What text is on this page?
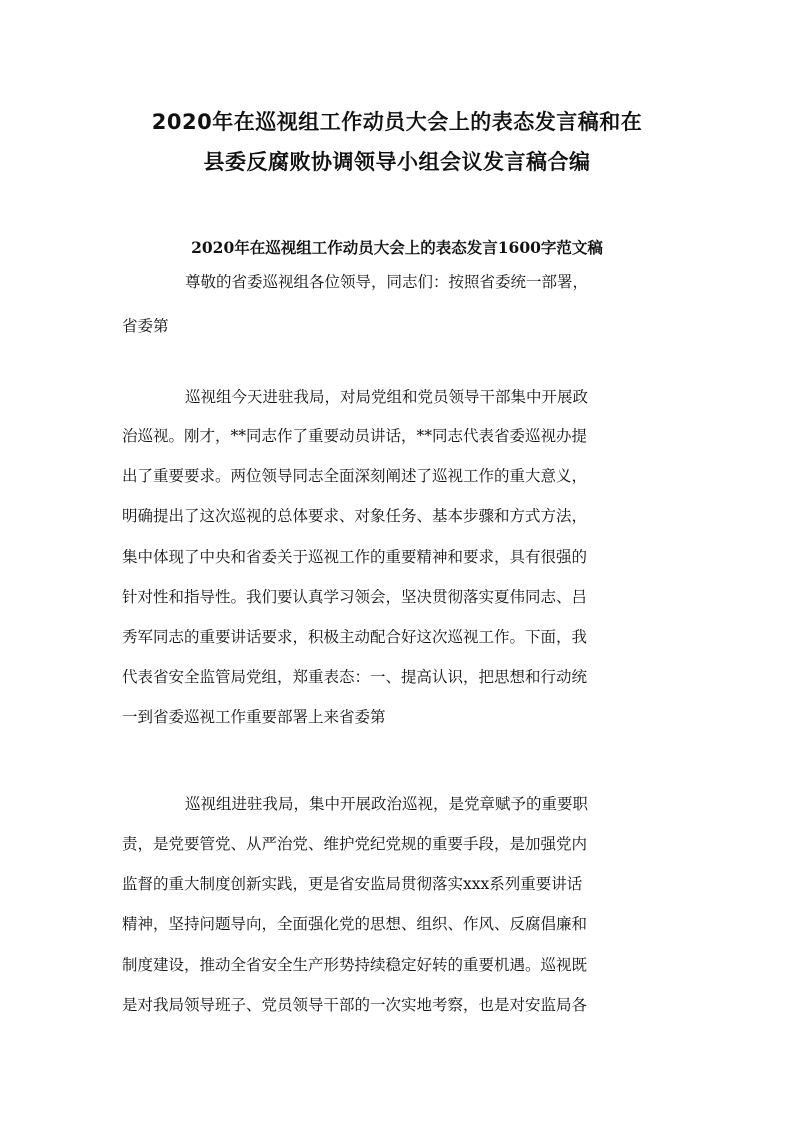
2020年在巡视组工作动员大会上的表态发言稿和在
县委反腐败协调领导小组会议发言稿合编
2020年在巡视组工作动员大会上的表态发言1600字范文稿

尊敬的省委巡视组各位领导，同志们：按照省委统一部署，

省委第

巡视组今天进驻我局，对局党组和党员领导干部集中开展政

治巡视。刚才，**同志作了重要动员讲话，**同志代表省委巡视办提

出了重要要求。两位领导同志全面深刻阐述了巡视工作的重大意义，

明确提出了这次巡视的总体要求、对象任务、基本步骤和方式方法，

集中体现了中央和省委关于巡视工作的重要精神和要求，具有很强的

针对性和指导性。我们要认真学习领会，坚决贯彻落实夏伟同志、吕

秀军同志的重要讲话要求，积极主动配合好这次巡视工作。下面，我

代表省安全监管局党组，郑重表态：一、提高认识，把思想和行动统

一到省委巡视工作重要部署上来省委第

巡视组进驻我局，集中开展政治巡视，是党章赋予的重要职

责，是党要管党、从严治党、维护党纪党规的重要手段，是加强党内

监督的重大制度创新实践，更是省安监局贯彻落实xxx系列重要讲话

精神，坚持问题导向，全面强化党的思想、组织、作风、反腐倡廉和

制度建设，推动全省安全生产形势持续稳定好转的重要机遇。巡视既

是对我局领导班子、党员领导干部的一次实地考察，也是对安监局各
